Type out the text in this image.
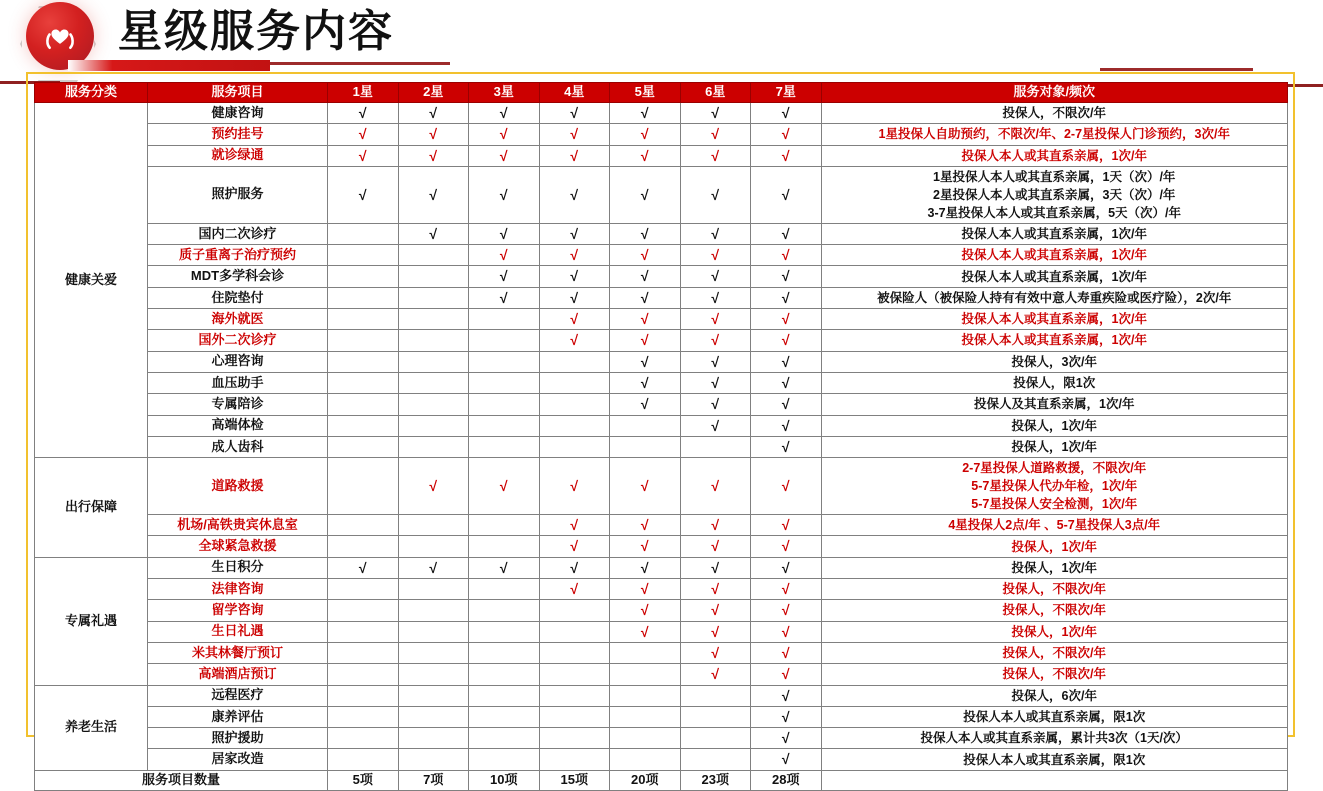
星级服务内容
服务分类	服务项目	1星	2星	3星	4星	5星	6星	7星	服务对象/频次
健康关爱	健康咨询	√	√	√	√	√	√	√	投保人，不限次/年
	预约挂号	√	√	√	√	√	√	√	1星投保人自助预约，不限次/年、2-7星投保人门诊预约，3次/年
	就诊绿通	√	√	√	√	√	√	√	投保人本人或其直系亲属，1次/年
	照护服务	√	√	√	√	√	√	√	1星投保人本人或其直系亲属，1天（次）/年
2星投保人本人或其直系亲属，3天（次）/年
3-7星投保人本人或其直系亲属，5天（次）/年
	国内二次诊疗		√	√	√	√	√	√	投保人本人或其直系亲属，1次/年
	质子重离子治疗预约			√	√	√	√	√	投保人本人或其直系亲属，1次/年
	MDT多学科会诊			√	√	√	√	√	投保人本人或其直系亲属，1次/年
	住院垫付			√	√	√	√	√	被保险人（被保险人持有有效中意人寿重疾险或医疗险），2次/年
	海外就医				√	√	√	√	投保人本人或其直系亲属，1次/年
	国外二次诊疗				√	√	√	√	投保人本人或其直系亲属，1次/年
	心理咨询					√	√	√	投保人，3次/年
	血压助手					√	√	√	投保人，限1次
	专属陪诊					√	√	√	投保人及其直系亲属，1次/年
	高端体检						√	√	投保人，1次/年
	成人齿科							√	投保人，1次/年
出行保障	道路救援		√	√	√	√	√	√	2-7星投保人道路救援，不限次/年
5-7星投保人代办年检，1次/年
5-7星投保人安全检测，1次/年
	机场/高铁贵宾休息室				√	√	√	√	4星投保人2点/年 、5-7星投保人3点/年
	全球紧急救援				√	√	√	√	投保人，1次/年
专属礼遇	生日积分	√	√	√	√	√	√	√	投保人，1次/年
	法律咨询				√	√	√	√	投保人，不限次/年
	留学咨询					√	√	√	投保人，不限次/年
	生日礼遇					√	√	√	投保人，1次/年
	米其林餐厅预订						√	√	投保人，不限次/年
	高端酒店预订						√	√	投保人，不限次/年
养老生活	远程医疗							√	投保人，6次/年
	康养评估							√	投保人本人或其直系亲属，限1次
	照护援助							√	投保人本人或其直系亲属，累计共3次（1天/次）
	居家改造							√	投保人本人或其直系亲属，限1次
服务项目数量		5项	7项	10项	15项	20项	23项	28项	
